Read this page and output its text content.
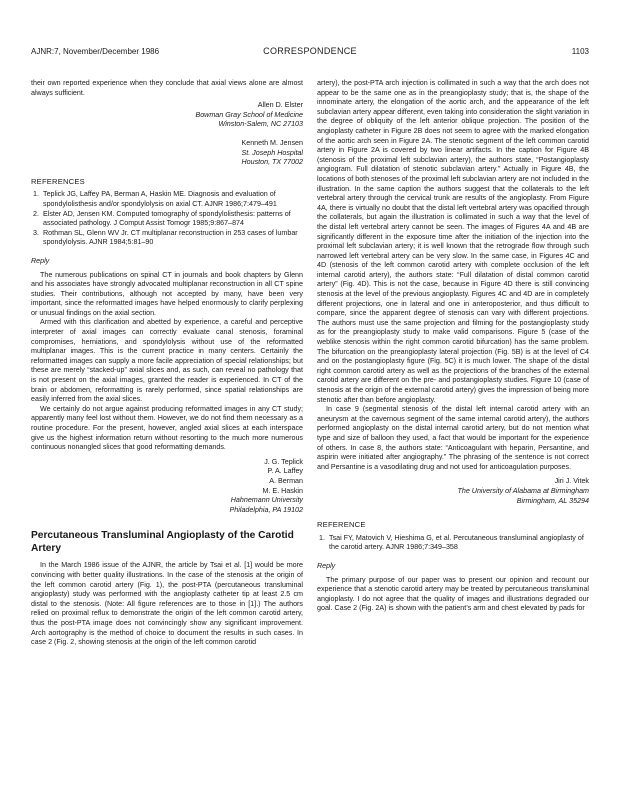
AJNR:7, November/December 1986	CORRESPONDENCE	1103

their own reported experience when they conclude that axial views alone are almost always sufficient.

Allen D. Elster
Bowman Gray School of Medicine
Winston-Salem, NC 27103
Kenneth M. Jensen
St. Joseph Hospital
Houston, TX 77002
REFERENCES
1. Teplick JG, Laffey PA, Berman A, Haskin ME. Diagnosis and evaluation of spondylolisthesis and/or spondylolysis on axial CT. AJNR 1986;7:479–491
2. Elster AD, Jensen KM. Computed tomography of spondylolisthesis: patterns of associated pathology. J Comput Assist Tomogr 1985;9:867–874
3. Rothman SL, Glenn WV Jr. CT multiplanar reconstruction in 253 cases of lumbar spondylolysis. AJNR 1984;5:81–90
Reply

The numerous publications on spinal CT in journals and book chapters by Glenn and his associates have strongly advocated multiplanar reconstruction in all CT spine studies. Their contributions, although not accepted by many, have been very important, since the reformatted images have helped enormously to clarify perplexing or unusual findings on the axial section.

Armed with this clarification and abetted by experience, a careful and perceptive interpreter of axial images can correctly evaluate canal stenosis, foraminal compromises, herniations, and spondylolysis without use of the reformatted multiplanar images. This is the current practice in many centers. Certainly the reformatted images can supply a more facile appreciation of special relationships; but these are merely “stacked-up” axial slices and, as such, can reveal no pathology that is not present on the axial images, granted the reader is experienced. In CT of the brain or abdomen, reformatting is rarely performed, since spatial relationships are easily inferred from the axial slices.

We certainly do not argue against producing reformatted images in any CT study; apparently many feel lost without them. However, we do not find them necessary as a routine procedure. For the present, however, angled axial slices at each interspace give us the highest information return without resorting to the much more numerous continuous nonangled slices that good reformatting demands.

J. G. Teplick
P. A. Laffey
A. Berman
M. E. Haskin
Hahnemann University
Philadelphia, PA 19102
Percutaneous Transluminal Angioplasty of the Carotid Artery

In the March 1986 issue of the AJNR, the article by Tsai et al. [1] would be more convincing with better quality illustrations. In the case of the stenosis at the origin of the left common carotid artery (Fig. 1), the post-PTA (percutaneous transluminal angioplasty) study was performed with the angioplasty catheter tip at least 2.5 cm distal to the stenosis. (Note: All figure references are to those in [1].) The authors relied on proximal reflux to demonstrate the origin of the left common carotid artery, thus the post-PTA image does not convincingly show any significant improvement. Arch aortography is the method of choice to document the results in such cases. In case 2 (Fig. 2, showing stenosis at the origin of the left common carotid

artery), the post-PTA arch injection is collimated in such a way that the arch does not appear to be the same one as in the preangioplasty study; that is, the shape of the innominate artery, the elongation of the aortic arch, and the appearance of the left subclavian artery appear different, even taking into consideration the slight variation in the degree of obliquity of the left anterior oblique projection. The position of the angioplasty catheter in Figure 2B does not seem to agree with the marked elongation of the aortic arch seen in Figure 2A. The stenotic segment of the left common carotid artery in Figure 2A is covered by two linear artifacts. In the caption for Figure 4B (stenosis of the proximal left subclavian artery), the authors state, “Postangioplasty angiogram. Full dilatation of stenotic subclavian artery.” Actually in Figure 4B, the locations of both stenoses of the proximal left subclavian artery are not included in the illustration. In the same caption the authors suggest that the collaterals to the left vertebral artery through the cervical trunk are results of the angioplasty. From Figure 4A, there is virtually no doubt that the distal left vertebral artery was opacified through the collaterals, but again the illustration is collimated in such a way that the level of the distal left vertebral artery cannot be seen. The images of Figures 4A and 4B are significantly different in the exposure time after the initiation of the injection into the proximal left subclavian artery; it is well known that the retrograde flow through such narrowed left vertebral artery can be very slow. In the same case, in Figures 4C and 4D (stenosis of the left common carotid artery with complete occlusion of the left internal carotid artery), the authors state: “Full dilatation of distal common carotid artery” (Fig. 4D). This is not the case, because in Figure 4D there is still convincing stenosis at the level of the previous angioplasty. Figures 4C and 4D are in completely different projections, one in lateral and one in anteroposterior, and thus difficult to compare, since the apparent degree of stenosis can vary with different projections. The authors must use the same projection and filming for the postangioplasty study as for the preangioplasty study to make valid comparisons. Figure 5 (case of the weblike stenosis within the right common carotid bifurcation) has the same problem. The bifurcation on the preangioplasty lateral projection (Fig. 5B) is at the level of C4 and on the postangioplasty figure (Fig. 5C) it is much lower. The shape of the distal right common carotid artery as well as the projections of the branches of the external carotid artery are different on the pre- and postangioplasty studies. Figure 10 (case of stenosis at the origin of the external carotid artery) gives the impression of being more stenotic after than before angioplasty.

In case 9 (segmental stenosis of the distal left internal carotid artery with an aneurysm at the cavernous segment of the same internal carotid artery), the authors performed angioplasty on the distal internal carotid artery, but do not mention what type and size of balloon they used, a fact that would be important for the experience of others. In case 8, the authors state: “Anticoagulant with heparin, Persantine, and aspirin were initiated after angiography.” The phrasing of the sentence is not correct and Persantine is a vasodilating drug and not used for anticoagulation purposes.

Jiri J. Vitek
The University of Alabama at Birmingham
Birmingham, AL 35294
REFERENCE
1. Tsai FY, Matovich V, Hieshima G, et al. Percutaneous transluminal angioplasty of the carotid artery. AJNR 1986;7:349–358
Reply

The primary purpose of our paper was to present our opinion and recount our experience that a stenotic carotid artery may be treated by percutaneous transluminal angioplasty. I do not agree that the quality of images and illustrations degraded our goal. Case 2 (Fig. 2A) is shown with the patient’s arm and chest elevated by pads for
